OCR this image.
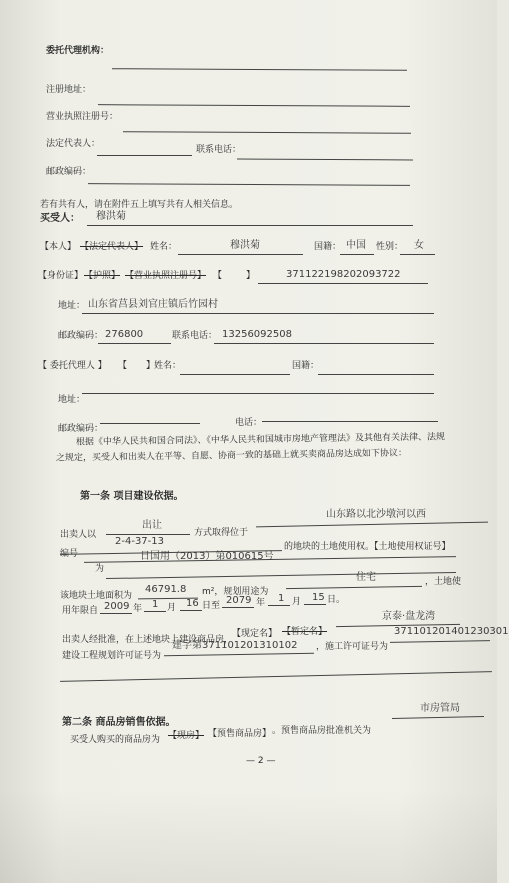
委托代理机构：
注册地址：
营业执照注册号：
法定代表人：
联系电话：
邮政编码：
若有共有人，请在附件五上填写共有人相关信息。
买受人： 穆洪菊
【本人】 【法定代表人】 姓名：	穆洪菊	国籍： 中国 性别： 女
【身份证】 【护照】 【营业执照注册号】 【	】	371122198202093722
地址： 山东省莒县刘官庄镇后竹园村
邮政编码： 276800	联系电话： 13256092508
【 委托代理人 】 【 】
姓名：	国籍：
地址：
邮政编码：
电话：
根据《中华人民共和国合同法》、《中华人民共和国城市房地产管理法》及其他有关法律、法规
之规定，买受人和出卖人在平等、自愿、协商一致的基础上就买卖商品房达成如下协议：
第一条 项目建设依据。
出卖人以
出让
方式取得位于
山东路以北沙墩河以西
2-4-37-13	的地块的土地使用权。【土地使用权证号】
编号
为
日国用（2013）第010615号
该地块土地面积为
46791.8 m²，规划用途为
住宅	，土地使
用年限自 2009 年 1 月 16 日至 2079 年 1 月 15 日。
出卖人经批准，在上述地块上建设商品房，
【现定名】 【暂定名】
京泰·盘龙湾
建设工程规划许可证号为
建字第371101201310102 ，施工许可证号为
371101201401230301
第二条 商品房销售依据。
买受人购买的商品房为 【现房】 【预售商品房】 。预售商品房批准机关为
市房管局
— 2 —
